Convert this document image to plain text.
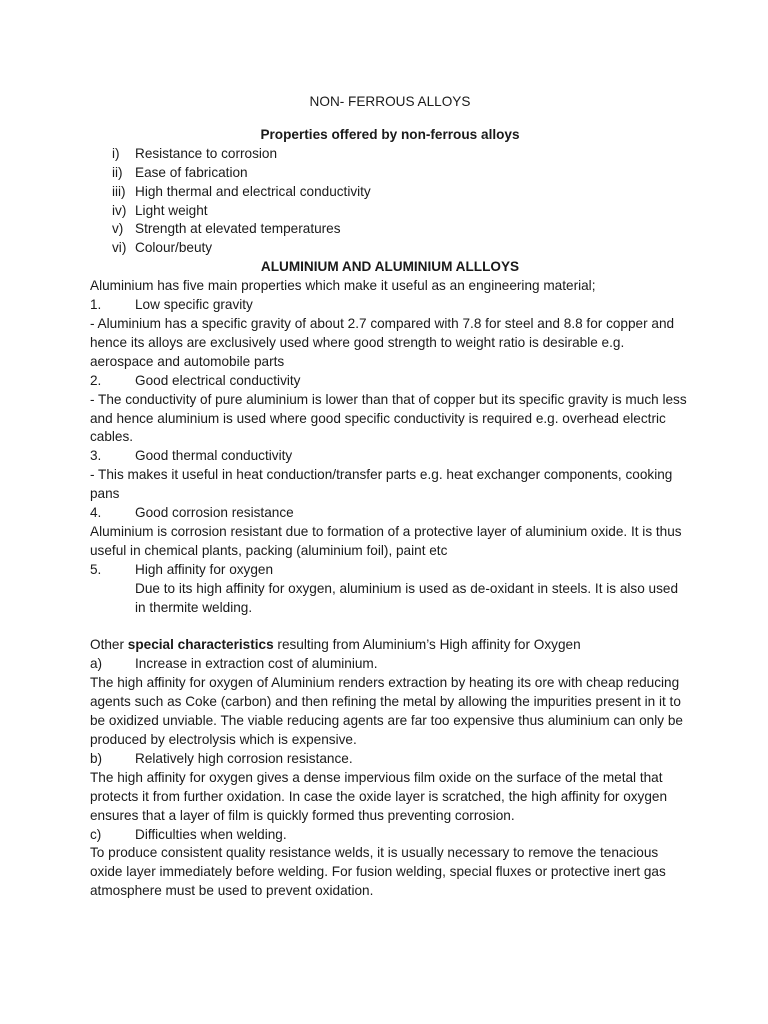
NON- FERROUS ALLOYS

Properties offered by non-ferrous alloys

i)	Resistance to corrosion
ii) Ease of fabrication
iii) High thermal and electrical conductivity
iv) Light weight
v) Strength at elevated temperatures
vi) Colour/beuty

ALUMINIUM AND ALUMINIUM ALLLOYS

Aluminium has five main properties which make it useful as an engineering material;

1.	Low specific gravity

- Aluminium has a specific gravity of about 2.7 compared with 7.8 for steel and 8.8 for copper and hence its alloys are exclusively used where good strength to weight ratio is desirable e.g. aerospace and automobile parts

2.	Good electrical conductivity

- The conductivity of pure aluminium is lower than that of copper but its specific gravity is much less and hence aluminium is used where good specific conductivity is required e.g. overhead electric cables.

3.	Good thermal conductivity

- This makes it useful in heat conduction/transfer parts e.g. heat exchanger components, cooking pans

4.	Good corrosion resistance

Aluminium is corrosion resistant due to formation of a protective layer of aluminium oxide. It is thus useful in chemical plants, packing (aluminium foil), paint etc

5.	High affinity for oxygen

Due to its high affinity for oxygen, aluminium is used as de-oxidant in steels. It is also used in thermite welding.

Other special characteristics resulting from Aluminium’s High affinity for Oxygen

a)	Increase in extraction cost of aluminium.

The high affinity for oxygen of Aluminium renders extraction by heating its ore with cheap reducing agents such as Coke (carbon) and then refining the metal by allowing the impurities present in it to be oxidized unviable. The viable reducing agents are far too expensive thus aluminium can only be produced by electrolysis which is expensive.

b)	Relatively high corrosion resistance.

The high affinity for oxygen gives a dense impervious film oxide on the surface of the metal that protects it from further oxidation. In case the oxide layer is scratched, the high affinity for oxygen ensures that a layer of film is quickly formed thus preventing corrosion.

c)	Difficulties when welding.

To produce consistent quality resistance welds, it is usually necessary to remove the tenacious oxide layer immediately before welding. For fusion welding, special fluxes or protective inert gas atmosphere must be used to prevent oxidation.
